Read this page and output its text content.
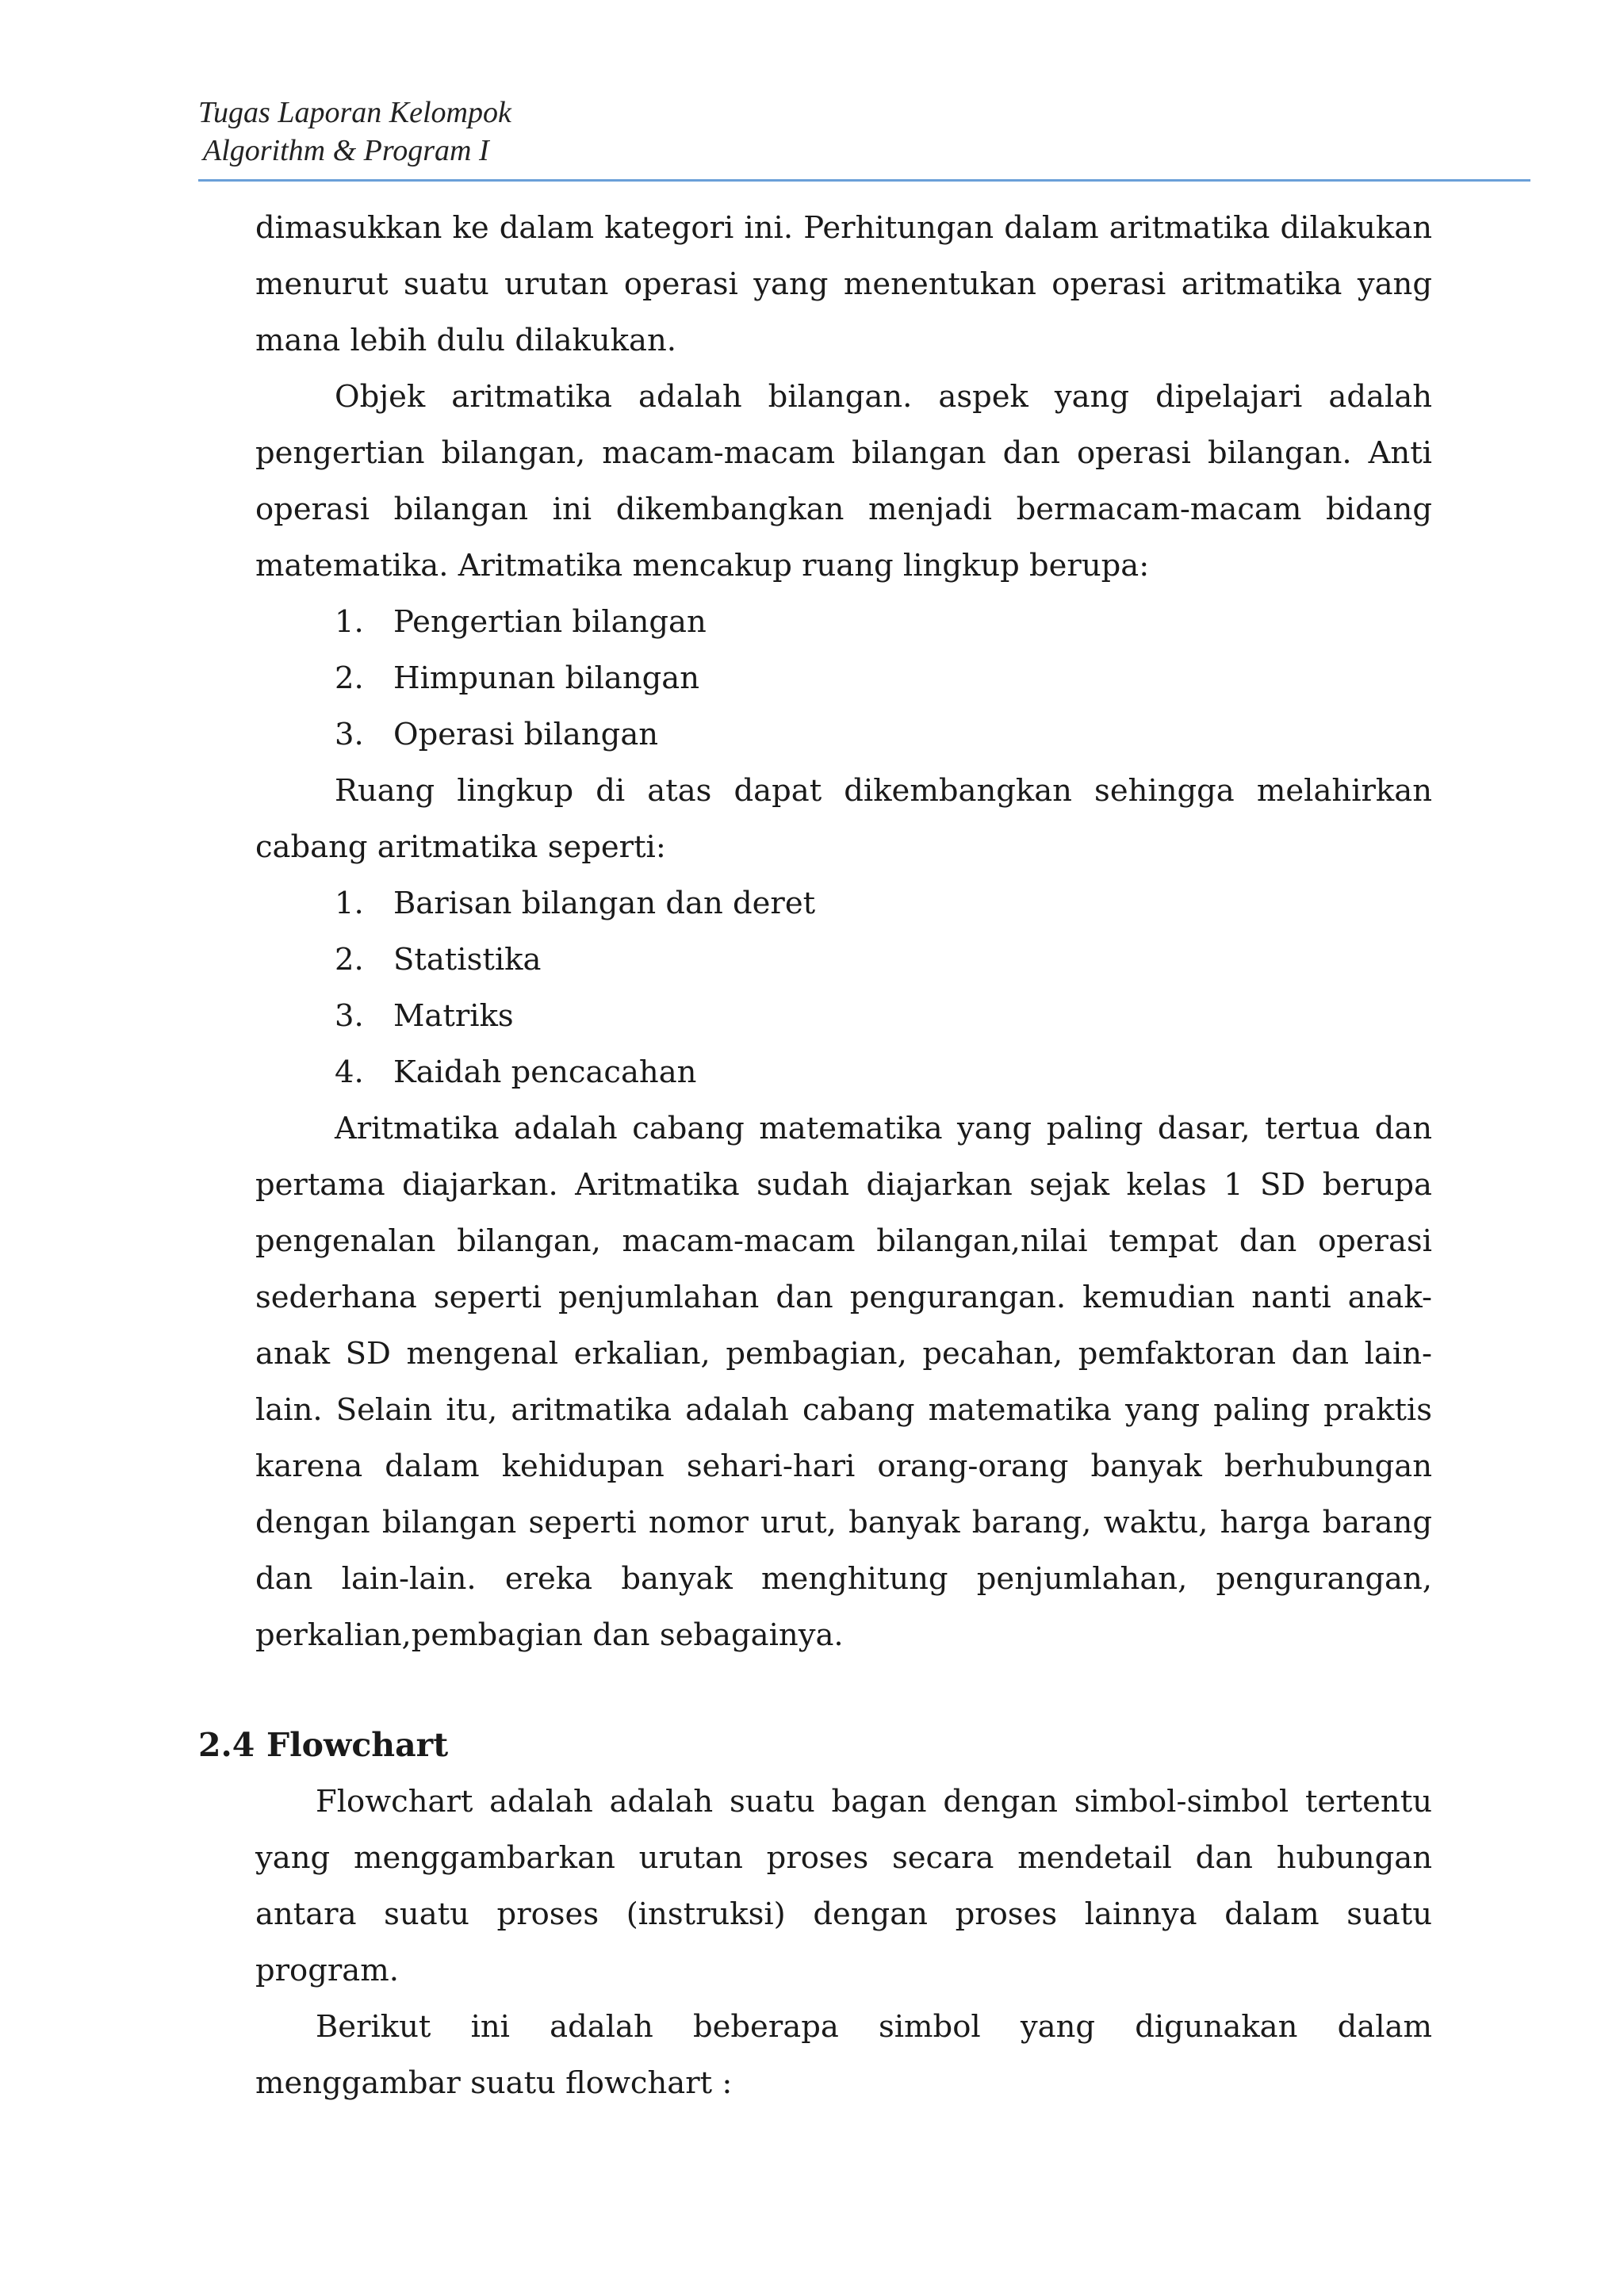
Tugas Laporan Kelompok
Algorithm & Program I

dimasukkan ke dalam kategori ini. Perhitungan dalam aritmatika dilakukan menurut suatu urutan operasi yang menentukan operasi aritmatika yang mana lebih dulu dilakukan.

Objek aritmatika adalah bilangan. aspek yang dipelajari adalah pengertian bilangan, macam-macam bilangan dan operasi bilangan. Anti operasi bilangan ini dikembangkan menjadi bermacam-macam bidang matematika. Aritmatika mencakup ruang lingkup berupa:

1. Pengertian bilangan
2. Himpunan bilangan
3. Operasi bilangan

Ruang lingkup di atas dapat dikembangkan sehingga melahirkan cabang aritmatika seperti:

1. Barisan bilangan dan deret
2. Statistika
3. Matriks
4. Kaidah pencacahan

Aritmatika adalah cabang matematika yang paling dasar, tertua dan pertama diajarkan. Aritmatika sudah diajarkan sejak kelas 1 SD berupa pengenalan bilangan, macam-macam bilangan,nilai tempat dan operasi sederhana seperti penjumlahan dan pengurangan. kemudian nanti anak-anak SD mengenal erkalian, pembagian, pecahan, pemfaktoran dan lain-lain. Selain itu, aritmatika adalah cabang matematika yang paling praktis karena dalam kehidupan sehari-hari orang-orang banyak berhubungan dengan bilangan seperti nomor urut, banyak barang, waktu, harga barang dan lain-lain. ereka banyak menghitung penjumlahan, pengurangan, perkalian,pembagian dan sebagainya.

2.4 Flowchart

Flowchart adalah adalah suatu bagan dengan simbol-simbol tertentu yang menggambarkan urutan proses secara mendetail dan hubungan antara suatu proses (instruksi) dengan proses lainnya dalam suatu program.

Berikut ini adalah beberapa simbol yang digunakan dalam menggambar suatu flowchart :
